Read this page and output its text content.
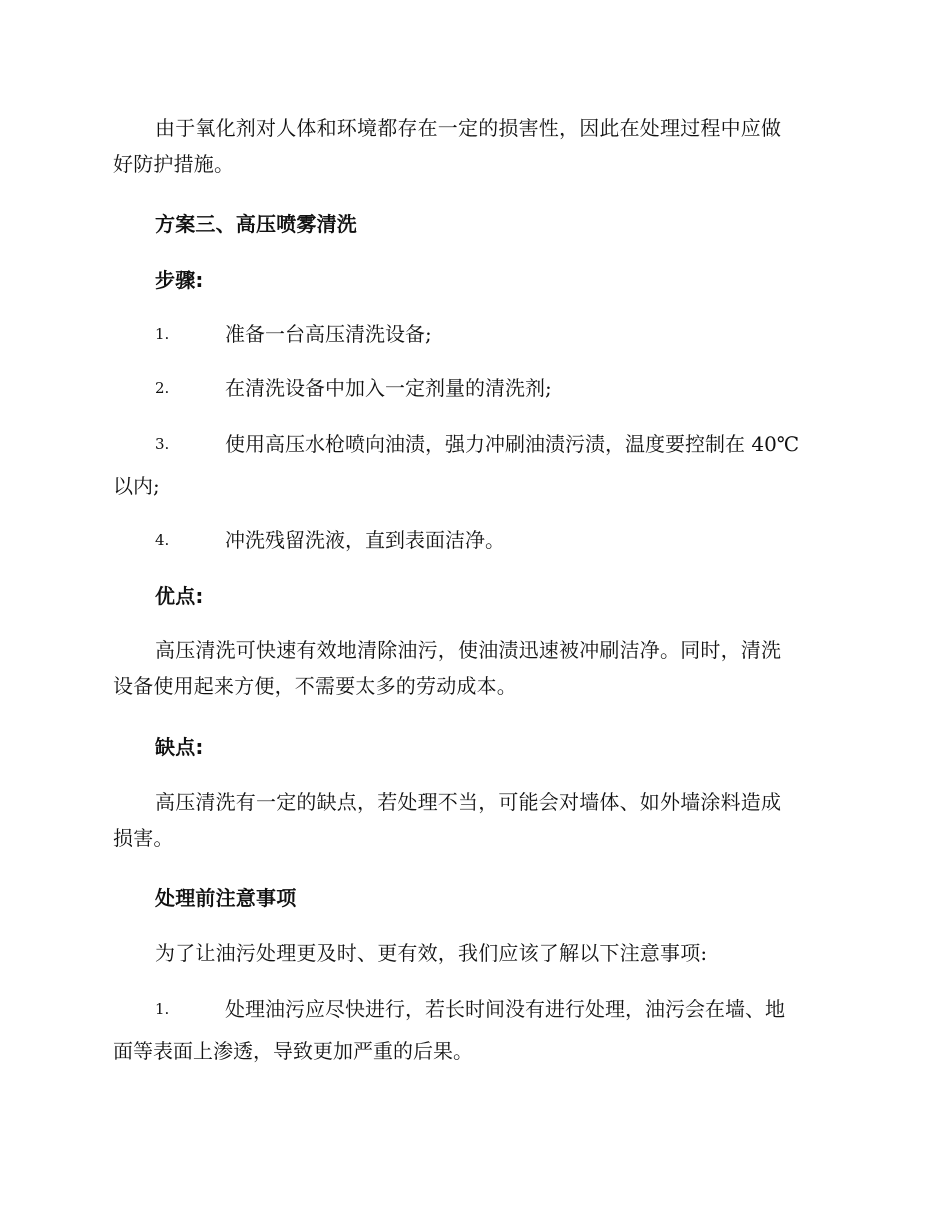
由于氧化剂对人体和环境都存在一定的损害性，因此在处理过程中应做
好防护措施。
方案三、高压喷雾清洗
步骤:
1.	准备一台高压清洗设备;
2.	在清洗设备中加入一定剂量的清洗剂;
3.	使用高压水枪喷向油渍，强力冲刷油渍污渍，温度要控制在 40℃
以内;
4.	冲洗残留洗液，直到表面洁净。
优点:
高压清洗可快速有效地清除油污，使油渍迅速被冲刷洁净。同时，清洗
设备使用起来方便，不需要太多的劳动成本。
缺点:
高压清洗有一定的缺点，若处理不当，可能会对墙体、如外墙涂料造成
损害。
处理前注意事项
为了让油污处理更及时、更有效，我们应该了解以下注意事项:
1.	处理油污应尽快进行，若长时间没有进行处理，油污会在墙、地
面等表面上渗透，导致更加严重的后果。
